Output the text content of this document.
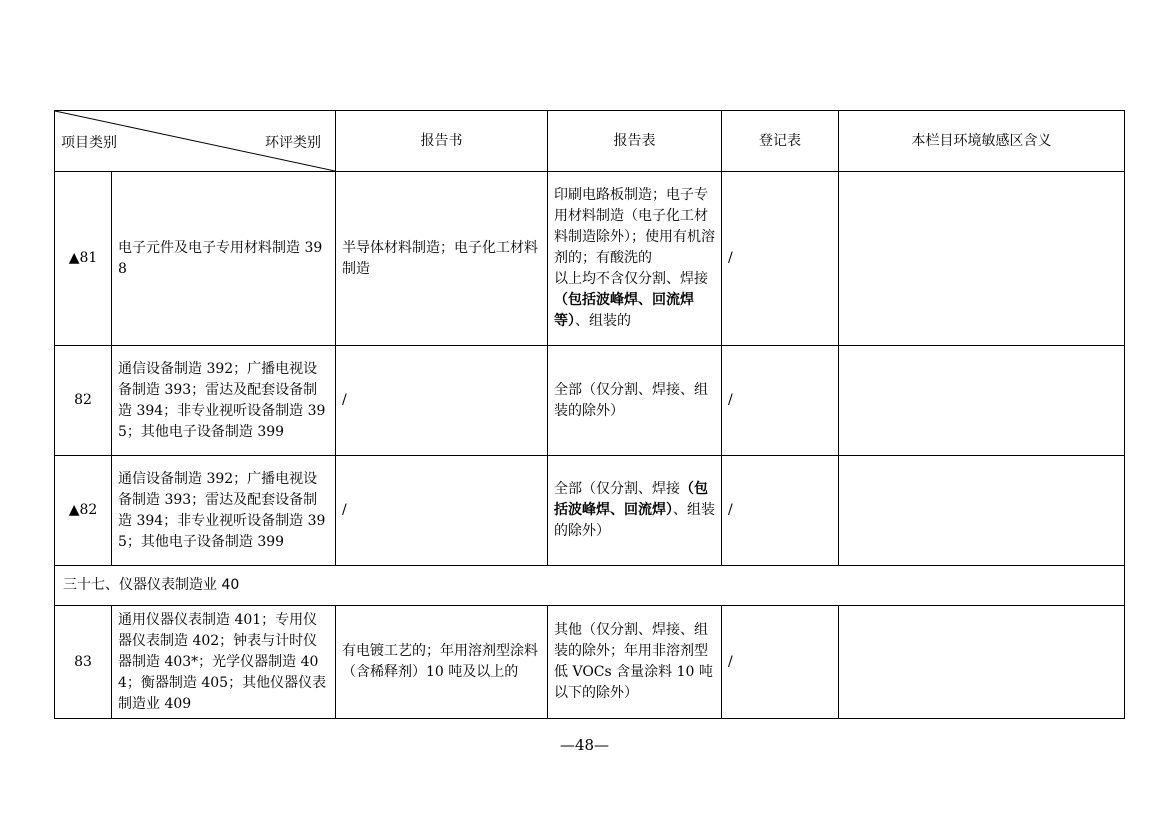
项目类别 环评类别		报告书	报告表	登记表	本栏目环境敏感区含义
▲81	电子元件及电子专用材料制造 398	半导体材料制造；电子化工材料制造	印刷电路板制造；电子专用材料制造（电子化工材料制造除外）；使用有机溶剂的；有酸洗的
以上均不含仅分割、焊接（包括波峰焊、回流焊等）、组装的	/	
82	通信设备制造 392；广播电视设备制造 393；雷达及配套设备制造 394；非专业视听设备制造 395；其他电子设备制造 399	/	全部（仅分割、焊接、组装的除外）	/	
▲82	通信设备制造 392；广播电视设备制造 393；雷达及配套设备制造 394；非专业视听设备制造 395；其他电子设备制造 399	/	全部（仅分割、焊接（包括波峰焊、回流焊）、组装的除外）	/	
三十七、仪器仪表制造业 40					
83	通用仪器仪表制造 401；专用仪器仪表制造 402；钟表与计时仪器制造 403*；光学仪器制造 404；衡器制造 405；其他仪器仪表制造业 409	有电镀工艺的；年用溶剂型涂料（含稀释剂）10 吨及以上的	其他（仅分割、焊接、组装的除外；年用非溶剂型低 VOCs 含量涂料 10 吨以下的除外）	/	
—48—
